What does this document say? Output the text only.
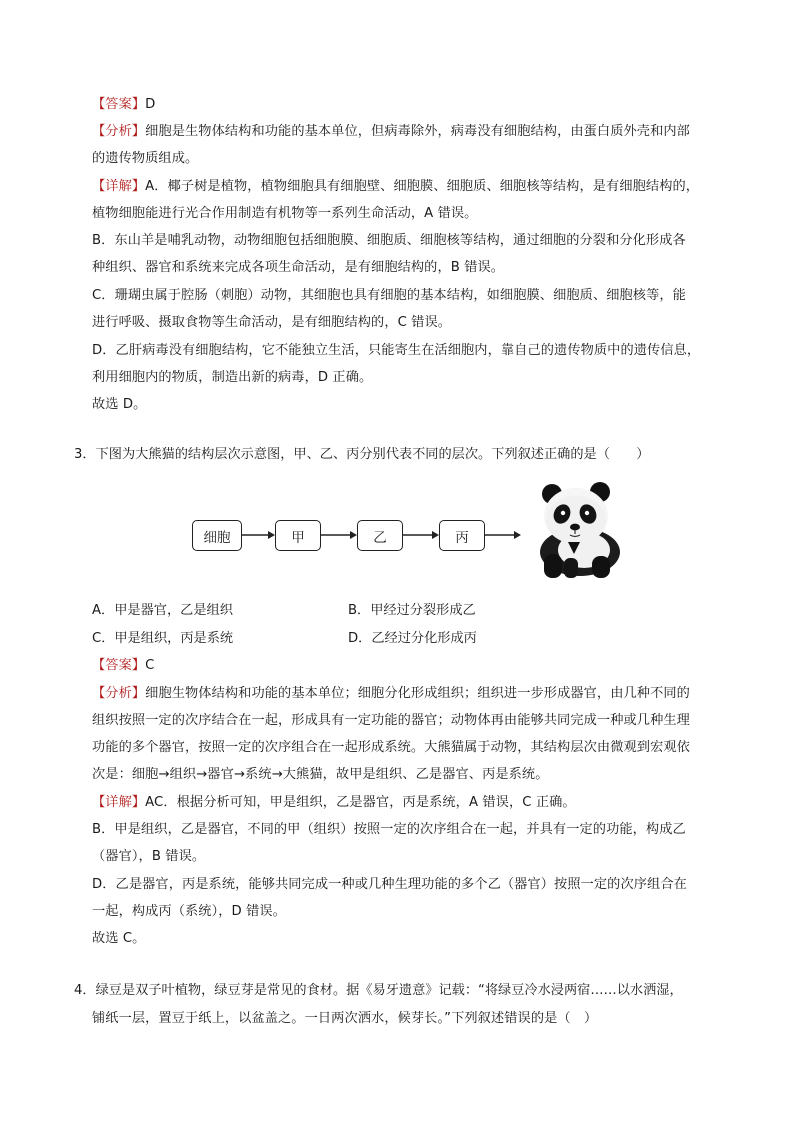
【答案】D
【分析】细胞是生物体结构和功能的基本单位，但病毒除外，病毒没有细胞结构，由蛋白质外壳和内部
的遗传物质组成。
【详解】A．椰子树是植物，植物细胞具有细胞壁、细胞膜、细胞质、细胞核等结构，是有细胞结构的，
植物细胞能进行光合作用制造有机物等一系列生命活动，A 错误。
B．东山羊是哺乳动物，动物细胞包括细胞膜、细胞质、细胞核等结构，通过细胞的分裂和分化形成各
种组织、器官和系统来完成各项生命活动，是有细胞结构的，B 错误。
C．珊瑚虫属于腔肠（刺胞）动物，其细胞也具有细胞的基本结构，如细胞膜、细胞质、细胞核等，能
进行呼吸、摄取食物等生命活动，是有细胞结构的，C 错误。
D．乙肝病毒没有细胞结构，它不能独立生活，只能寄生在活细胞内，靠自己的遗传物质中的遗传信息，
利用细胞内的物质，制造出新的病毒，D 正确。
故选 D。
3．下图为大熊猫的结构层次示意图，甲、乙、丙分别代表不同的层次。下列叙述正确的是（　　）
细胞	甲	乙	丙
A．甲是器官，乙是组织	B．甲经过分裂形成乙
C．甲是组织，丙是系统	D．乙经过分化形成丙
【答案】C
【分析】细胞生物体结构和功能的基本单位；细胞分化形成组织；组织进一步形成器官，由几种不同的
组织按照一定的次序结合在一起，形成具有一定功能的器官；动物体再由能够共同完成一种或几种生理
功能的多个器官，按照一定的次序组合在一起形成系统。大熊猫属于动物，其结构层次由微观到宏观依
次是：细胞→组织→器官→系统→大熊猫，故甲是组织、乙是器官、丙是系统。
【详解】AC．根据分析可知，甲是组织，乙是器官，丙是系统，A 错误，C 正确。
B．甲是组织，乙是器官，不同的甲（组织）按照一定的次序组合在一起，并具有一定的功能，构成乙
（器官），B 错误。
D．乙是器官，丙是系统，能够共同完成一种或几种生理功能的多个乙（器官）按照一定的次序组合在
一起，构成丙（系统），D 错误。
故选 C。
4．绿豆是双子叶植物，绿豆芽是常见的食材。据《易牙遗意》记载：“将绿豆冷水浸两宿……以水洒湿，
铺纸一层，置豆于纸上，以盆盖之。一日两次洒水，候芽长。”下列叙述错误的是（　）
